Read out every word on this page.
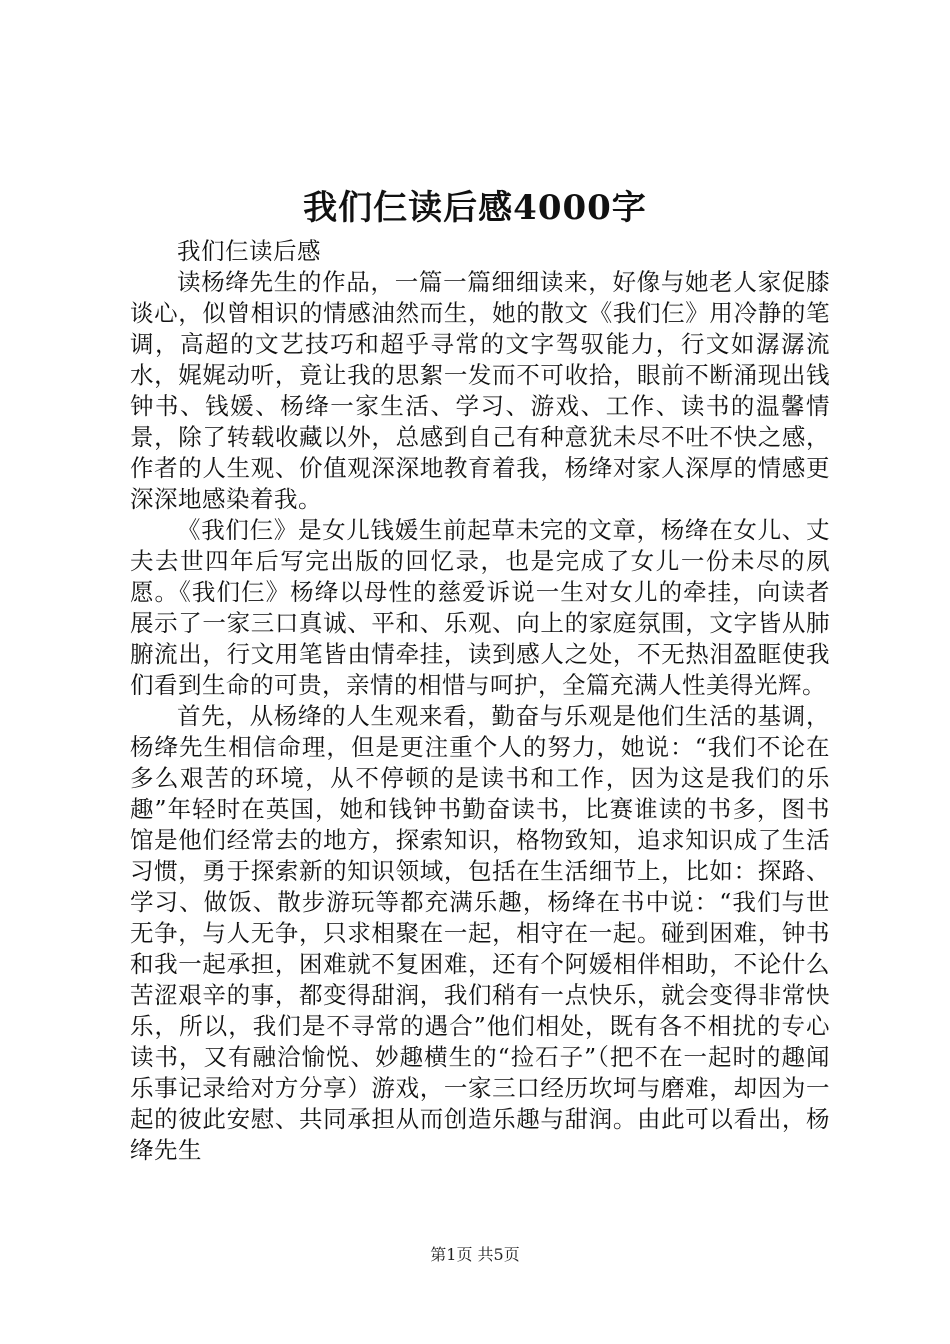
我们仨读后感4000字

我们仨读后感

读杨绛先生的作品，一篇一篇细细读来，好像与她老人家促膝谈心，似曾相识的情感油然而生，她的散文《我们仨》用冷静的笔调，高超的文艺技巧和超乎寻常的文字驾驭能力，行文如潺潺流水，娓娓动听，竟让我的思絮一发而不可收拾，眼前不断涌现出钱钟书、钱媛、杨绛一家生活、学习、游戏、工作、读书的温馨情景，除了转载收藏以外，总感到自己有种意犹未尽不吐不快之感，作者的人生观、价值观深深地教育着我，杨绛对家人深厚的情感更深深地感染着我。

《我们仨》是女儿钱媛生前起草未完的文章，杨绛在女儿、丈夫去世四年后写完出版的回忆录，也是完成了女儿一份未尽的夙愿。《我们仨》杨绛以母性的慈爱诉说一生对女儿的牵挂，向读者展示了一家三口真诚、平和、乐观、向上的家庭氛围，文字皆从肺腑流出，行文用笔皆由情牵挂，读到感人之处，不无热泪盈眶使我们看到生命的可贵，亲情的相惜与呵护，全篇充满人性美得光辉。

首先，从杨绛的人生观来看，勤奋与乐观是他们生活的基调，杨绛先生相信命理，但是更注重个人的努力，她说：“我们不论在多么艰苦的环境，从不停顿的是读书和工作，因为这是我们的乐趣”年轻时在英国，她和钱钟书勤奋读书，比赛谁读的书多，图书馆是他们经常去的地方，探索知识，格物致知，追求知识成了生活习惯，勇于探索新的知识领域，包括在生活细节上，比如：探路、学习、做饭、散步游玩等都充满乐趣，杨绛在书中说：“我们与世无争，与人无争，只求相聚在一起，相守在一起。碰到困难，钟书和我一起承担，困难就不复困难，还有个阿媛相伴相助，不论什么苦涩艰辛的事，都变得甜润，我们稍有一点快乐，就会变得非常快乐，所以，我们是不寻常的遇合”他们相处，既有各不相扰的专心读书，又有融洽愉悦、妙趣横生的“捡石子”（把不在一起时的趣闻乐事记录给对方分享）游戏，一家三口经历坎坷与磨难，却因为一起的彼此安慰、共同承担从而创造乐趣与甜润。由此可以看出，杨绛先生

第1页 共5页
